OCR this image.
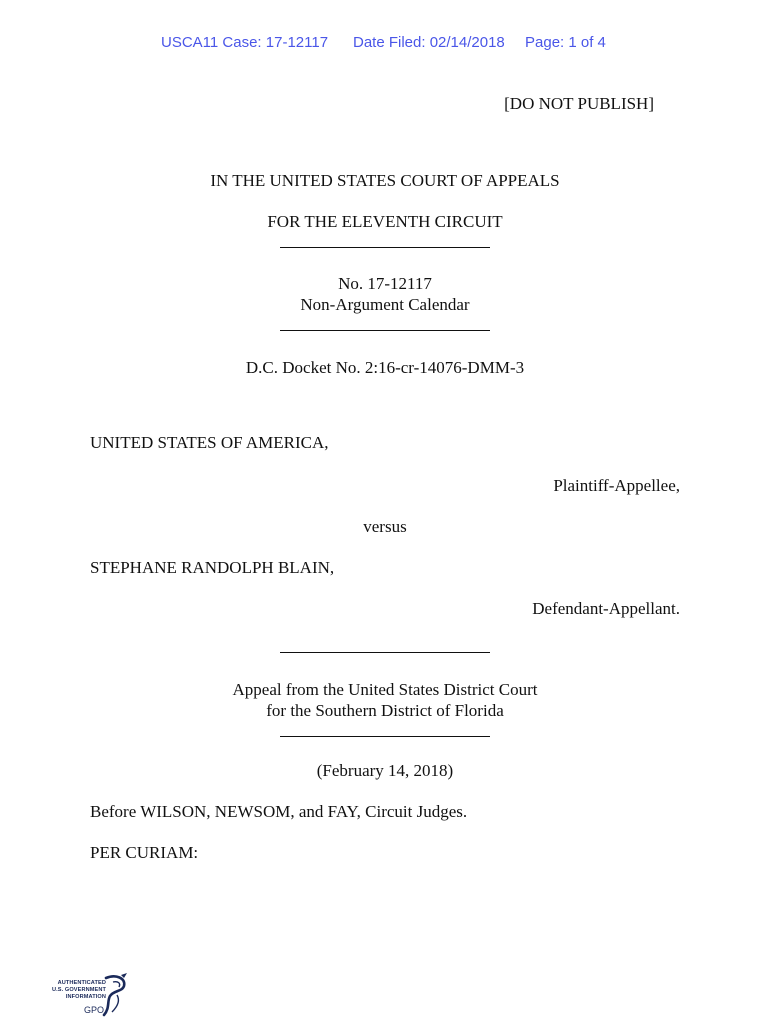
USCA11 Case: 17-12117 Date Filed: 02/14/2018 Page: 1 of 4
[DO NOT PUBLISH]
IN THE UNITED STATES COURT OF APPEALS
FOR THE ELEVENTH CIRCUIT
No. 17-12117
Non-Argument Calendar
D.C. Docket No. 2:16-cr-14076-DMM-3
UNITED STATES OF AMERICA,
Plaintiff-Appellee,
versus
STEPHANE RANDOLPH BLAIN,
Defendant-Appellant.
Appeal from the United States District Court
for the Southern District of Florida
(February 14, 2018)
Before WILSON, NEWSOM, and FAY, Circuit Judges.
PER CURIAM:
AUTHENTICATED
U.S. GOVERNMENT
INFORMATION
GPO
